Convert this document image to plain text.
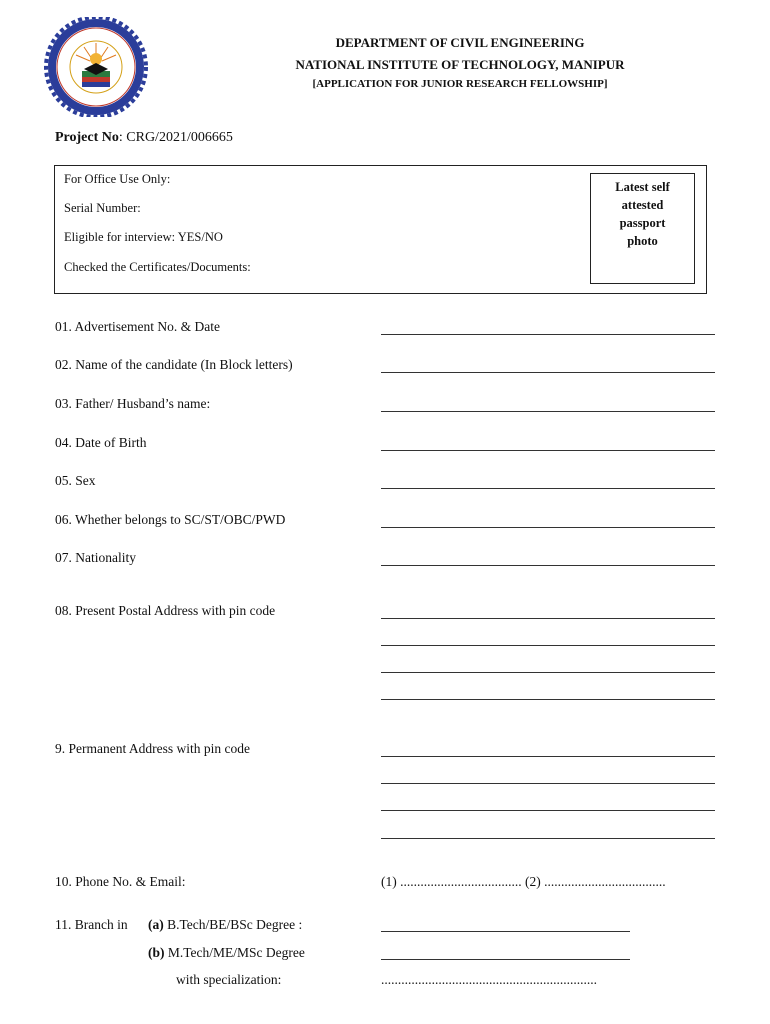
DEPARTMENT OF CIVIL ENGINEERING
NATIONAL INSTITUTE OF TECHNOLOGY, MANIPUR
[APPLICATION FOR JUNIOR RESEARCH FELLOWSHIP]
Project No: CRG/2021/006665
For Office Use Only:
Serial Number:
Eligible for interview: YES/NO
Checked the Certificates/Documents:
Latest self
attested
passport
photo
01. Advertisement No. & Date
02. Name of the candidate (In Block letters)
03. Father/ Husband’s name:
04. Date of Birth
05. Sex
06. Whether belongs to SC/ST/OBC/PWD
07. Nationality
08. Present Postal Address with pin code
9. Permanent Address with pin code
10. Phone No. & Email:	(1) .................................... (2) ....................................
11. Branch in (a) B.Tech/BE/BSc Degree :
(b) M.Tech/ME/MSc Degree
with specialization:	................................................................
